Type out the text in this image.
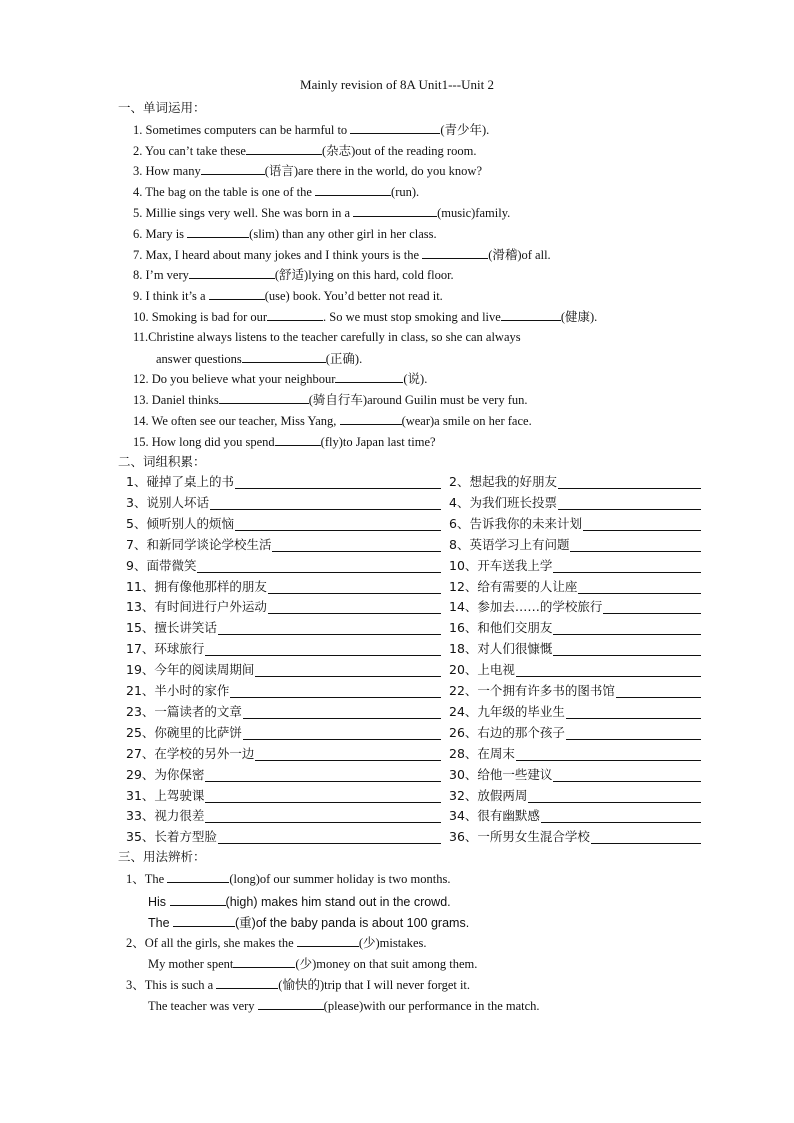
Mainly revision of 8A Unit1---Unit 2
一、单词运用：
1. Sometimes computers can be harmful to	(青少年).
2. You can’t take these	(杂志)out of the reading room.
3. How many	(语言)are there in the world, do you know?
4. The bag on the table is one of the	(run).
5. Millie sings very well. She was born in a	(music)family.
6. Mary is	(slim) than any other girl in her class.
7. Max, I heard about many jokes and I think yours is the	(滑稽)of all.
8. I’m very	(舒适)lying on this hard, cold floor.
9. I think it’s a	(use) book. You’d better not read it.
10. Smoking is bad for our	. So we must stop smoking and live	(健康).
11.Christine always listens to the teacher carefully in class, so she can always
answer questions	(正确).
12. Do you believe what your neighbour	(说).
13. Daniel thinks	(骑自行车)around Guilin must be very fun.
14. We often see our teacher, Miss Yang,	(wear)a smile on her face.
15. How long did you spend	(fly)to Japan last time?
二、词组积累：
1、碰掉了桌上的书	2、想起我的好朋友
3、说别人坏话	4、为我们班长投票
5、倾听别人的烦恼	6、告诉我你的未来计划
7、和新同学谈论学校生活	8、英语学习上有问题
9、面带微笑	10、开车送我上学
11、拥有像他那样的朋友	12、给有需要的人让座
13、有时间进行户外运动	14、参加去……的学校旅行
15、擅长讲笑话	16、和他们交朋友
17、环球旅行	18、对人们很慷慨
19、今年的阅读周期间	20、上电视
21、半小时的家作	22、一个拥有许多书的图书馆
23、一篇读者的文章	24、九年级的毕业生
25、你碗里的比萨饼	26、右边的那个孩子
27、在学校的另外一边	28、在周末
29、为你保密	30、给他一些建议
31、上驾驶课	32、放假两周
33、视力很差	34、很有幽默感
35、长着方型脸	36、一所男女生混合学校
三、用法辨析：
1、The	(long)of our summer holiday is two months.
His	(high) makes him stand out in the crowd.
The	(重)of the baby panda is about 100 grams.
2、Of all the girls, she makes the	(少)mistakes.
My mother spent	(少)money on that suit among them.
3、This is such a	(愉快的)trip that I will never forget it.
The teacher was very	(please)with our performance in the match.
